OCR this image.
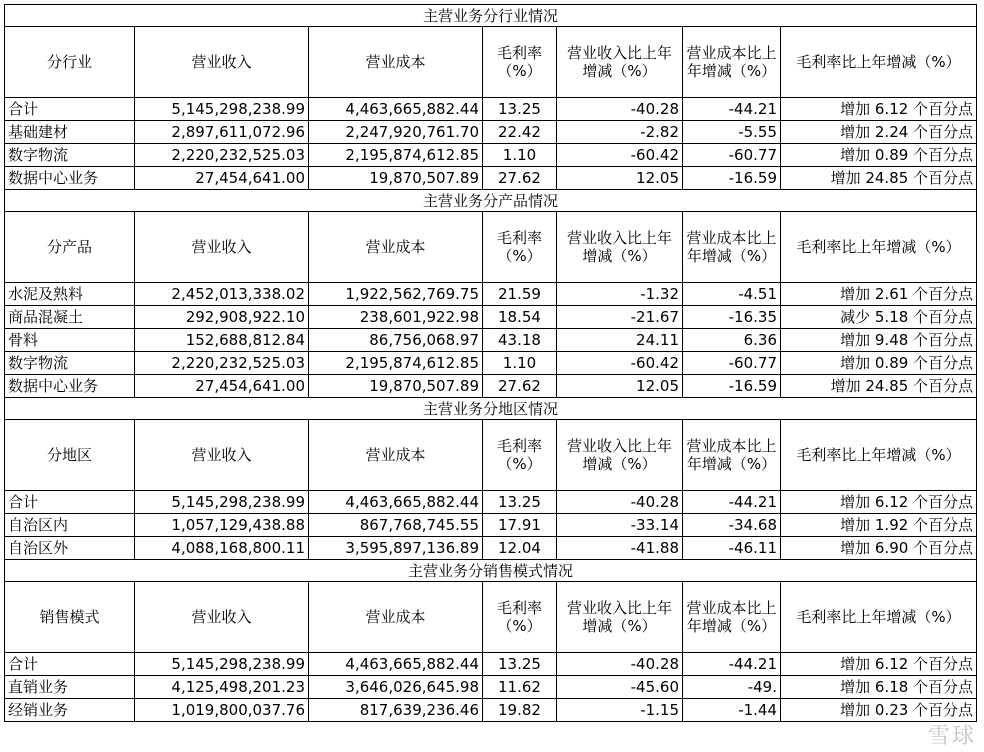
主营业务分行业情况						
分行业	营业收入	营业成本	毛利率（%）	营业收入比上年增减（%）	营业成本比上年增减（%）	毛利率比上年增减（%）
合计	5,145,298,238.99	4,463,665,882.44	13.25	-40.28	-44.21	增加 6.12 个百分点
基础建材	2,897,611,072.96	2,247,920,761.70	22.42	-2.82	-5.55	增加 2.24 个百分点
数字物流	2,220,232,525.03	2,195,874,612.85	1.10	-60.42	-60.77	增加 0.89 个百分点
数据中心业务	27,454,641.00	19,870,507.89	27.62	12.05	-16.59	增加 24.85 个百分点
主营业务分产品情况						
分产品	营业收入	营业成本	毛利率（%）	营业收入比上年增减（%）	营业成本比上年增减（%）	毛利率比上年增减（%）
水泥及熟料	2,452,013,338.02	1,922,562,769.75	21.59	-1.32	-4.51	增加 2.61 个百分点
商品混凝土	292,908,922.10	238,601,922.98	18.54	-21.67	-16.35	减少 5.18 个百分点
骨料	152,688,812.84	86,756,068.97	43.18	24.11	6.36	增加 9.48 个百分点
数字物流	2,220,232,525.03	2,195,874,612.85	1.10	-60.42	-60.77	增加 0.89 个百分点
数据中心业务	27,454,641.00	19,870,507.89	27.62	12.05	-16.59	增加 24.85 个百分点
主营业务分地区情况						
分地区	营业收入	营业成本	毛利率（%）	营业收入比上年增减（%）	营业成本比上年增减（%）	毛利率比上年增减（%）
合计	5,145,298,238.99	4,463,665,882.44	13.25	-40.28	-44.21	增加 6.12 个百分点
自治区内	1,057,129,438.88	867,768,745.55	17.91	-33.14	-34.68	增加 1.92 个百分点
自治区外	4,088,168,800.11	3,595,897,136.89	12.04	-41.88	-46.11	增加 6.90 个百分点
主营业务分销售模式情况						
销售模式	营业收入	营业成本	毛利率（%）	营业收入比上年增减（%）	营业成本比上年增减（%）	毛利率比上年增减（%）
合计	5,145,298,238.99	4,463,665,882.44	13.25	-40.28	-44.21	增加 6.12 个百分点
直销业务	4,125,498,201.23	3,646,026,645.98	11.62	-45.60	-49.	增加 6.18 个百分点
经销业务	1,019,800,037.76	817,639,236.46	19.82	-1.15	-1.44	增加 0.23 个百分点
雪球
